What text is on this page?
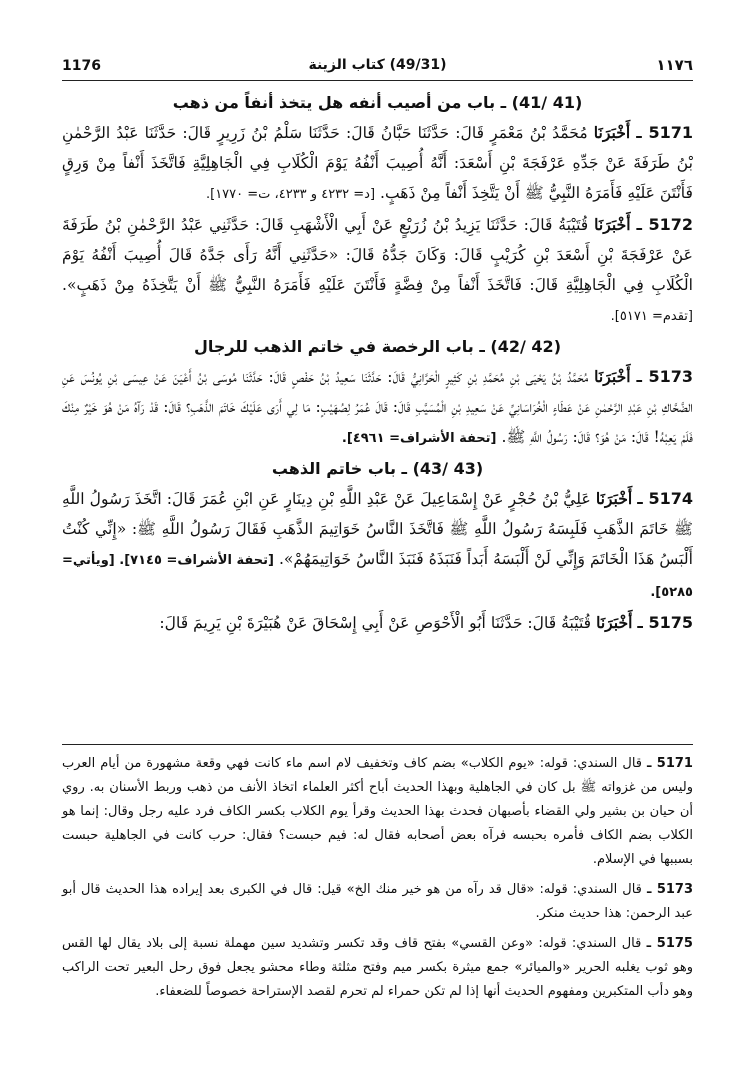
1176	(49/31) كتاب الزينة	١١٧٦
(41 /41) ـ باب من أصيب أنفه هل يتخذ أنفاً من ذهب

5171 ـ أَخْبَرَنَا مُحَمَّدُ بْنُ مَعْمَرٍ قَالَ: حَدَّثَنَا حَبَّانُ قَالَ: حَدَّثَنَا سَلْمُ بْنُ زَرِيرٍ قَالَ: حَدَّثَنَا عَبْدُ الرَّحْمٰنِ بْنُ طَرَفَةَ عَنْ جَدِّهِ عَرْفَجَةَ بْنِ أَسْعَدَ: أَنَّهُ أُصِيبَ أَنْفُهُ يَوْمَ الْكُلَابِ فِي الْجَاهِلِيَّةِ فَاتَّخَذَ أَنْفاً مِنْ وَرِقٍ فَأَنْتَنَ عَلَيْهِ فَأَمَرَهُ النَّبِيُّ ﷺ أَنْ يَتَّخِذَ أَنْفاً مِنْ ذَهَبٍ. [د= ٤٢٣٢ و ٤٢٣٣، ت= ١٧٧٠].

5172 ـ أَخْبَرَنَا قُتَيْبَةُ قَالَ: حَدَّثَنَا يَزِيدُ بْنُ زُرَيْعٍ عَنْ أَبِي الْأَشْهَبِ قَالَ: حَدَّثَنِي عَبْدُ الرَّحْمٰنِ بْنُ طَرَفَةَ عَنْ عَرْفَجَةَ بْنِ أَسْعَدَ بْنِ كُرَيْبٍ قَالَ: وَكَانَ جَدُّهُ قَالَ: «حَدَّثَنِي أَنَّهُ رَأَى جَدَّهُ قَالَ أُصِيبَ أَنْفُهُ يَوْمَ الْكُلَابِ فِي الْجَاهِلِيَّةِ قَالَ: فَاتَّخَذَ أَنْفاً مِنْ فِضَّةٍ فَأَنْتَنَ عَلَيْهِ فَأَمَرَهُ النَّبِيُّ ﷺ أَنْ يَتَّخِذَهُ مِنْ ذَهَبٍ». [تقدم= ٥١٧١].

(42 /42) ـ باب الرخصة في خاتم الذهب للرجال

5173 ـ أَخْبَرَنَا مُحَمَّدُ بْنُ يَحْيَى بْنِ مُحَمَّدِ بْنِ كَثِيرٍ الْحَرَّانِيُّ قَالَ: حَدَّثَنَا سَعِيدُ بْنُ حَفْصٍ قَالَ: حَدَّثَنَا مُوسَى بْنُ أَعْيَنَ عَنْ عِيسَى بْنِ يُونُسَ عَنِ الضَّحَّاكِ بْنِ عَبْدِ الرَّحْمٰنِ عَنْ عَطَاءٍ الْخُرَاسَانِيِّ عَنْ سَعِيدِ بْنِ الْمُسَيَّبِ قَالَ: قَالَ عُمَرُ لِصُهَيْبٍ: مَا لِي أَرَى عَلَيْكَ خَاتَمَ الذَّهَبِ؟ قَالَ: قَدْ رَآهُ مَنْ هُوَ خَيْرٌ مِنْكَ فَلَمْ يَعِبْهُ! قَالَ: مَنْ هُوَ؟ قَالَ: رَسُولُ اللَّهِ ﷺ. [تحفة الأشراف= ٤٩٦١].

(43 /43) ـ باب خاتم الذهب

5174 ـ أَخْبَرَنَا عَلِيُّ بْنُ حُجْرٍ عَنْ إِسْمَاعِيلَ عَنْ عَبْدِ اللَّهِ بْنِ دِينَارٍ عَنِ ابْنِ عُمَرَ قَالَ: اتَّخَذَ رَسُولُ اللَّهِ ﷺ خَاتَمَ الذَّهَبِ فَلَبِسَهُ رَسُولُ اللَّهِ ﷺ فَاتَّخَذَ النَّاسُ خَوَاتِيمَ الذَّهَبِ فَقَالَ رَسُولُ اللَّهِ ﷺ: «إِنِّي كُنْتُ أَلْبَسُ هَذَا الْخَاتَمَ وَإِنِّي لَنْ أَلْبَسَهُ أَبَداً فَنَبَذَهُ فَنَبَذَ النَّاسُ خَوَاتِيمَهُمْ». [تحفة الأشراف= ٧١٤٥]. [ويأتي= ٥٢٨٥].

5175 ـ أَخْبَرَنَا قُتَيْبَةُ قَالَ: حَدَّثَنَا أَبُو الْأَحْوَصِ عَنْ أَبِي إِسْحَاقَ عَنْ هُبَيْرَةَ بْنِ يَرِيمَ قَالَ:

5171 ـ قال السندي: قوله: «يوم الكلاب» بضم كاف وتخفيف لام اسم ماء كانت فهي وقعة مشهورة من أيام العرب وليس من غزواته ﷺ بل كان في الجاهلية وبهذا الحديث أباح أكثر العلماء اتخاذ الأنف من ذهب وربط الأسنان به. روي أن حيان بن بشير ولي القضاء بأصبهان فحدث بهذا الحديث وقرأ يوم الكلاب بكسر الكاف فرد عليه رجل وقال: إنما هو الكلاب بضم الكاف فأمره بحبسه فرآه بعض أصحابه فقال له: فيم حبست؟ فقال: حرب كانت في الجاهلية حبست بسببها في الإسلام.

5173 ـ قال السندي: قوله: «قال قد رآه من هو خير منك الخ» قيل: قال في الكبرى بعد إيراده هذا الحديث قال أبو عبد الرحمن: هذا حديث منكر.

5175 ـ قال السندي: قوله: «وعن القسي» بفتح قاف وقد تكسر وتشديد سين مهملة نسبة إلى بلاد يقال لها القس وهو ثوب يغلبه الحرير «والميائر» جمع ميثرة بكسر ميم وفتح مثلثة وطاء محشو يجعل فوق رحل البعير تحت الراكب وهو دأب المتكبرين ومفهوم الحديث أنها إذا لم تكن حمراء لم تحرم لقصد الإستراحة خصوصاً للضعفاء.
